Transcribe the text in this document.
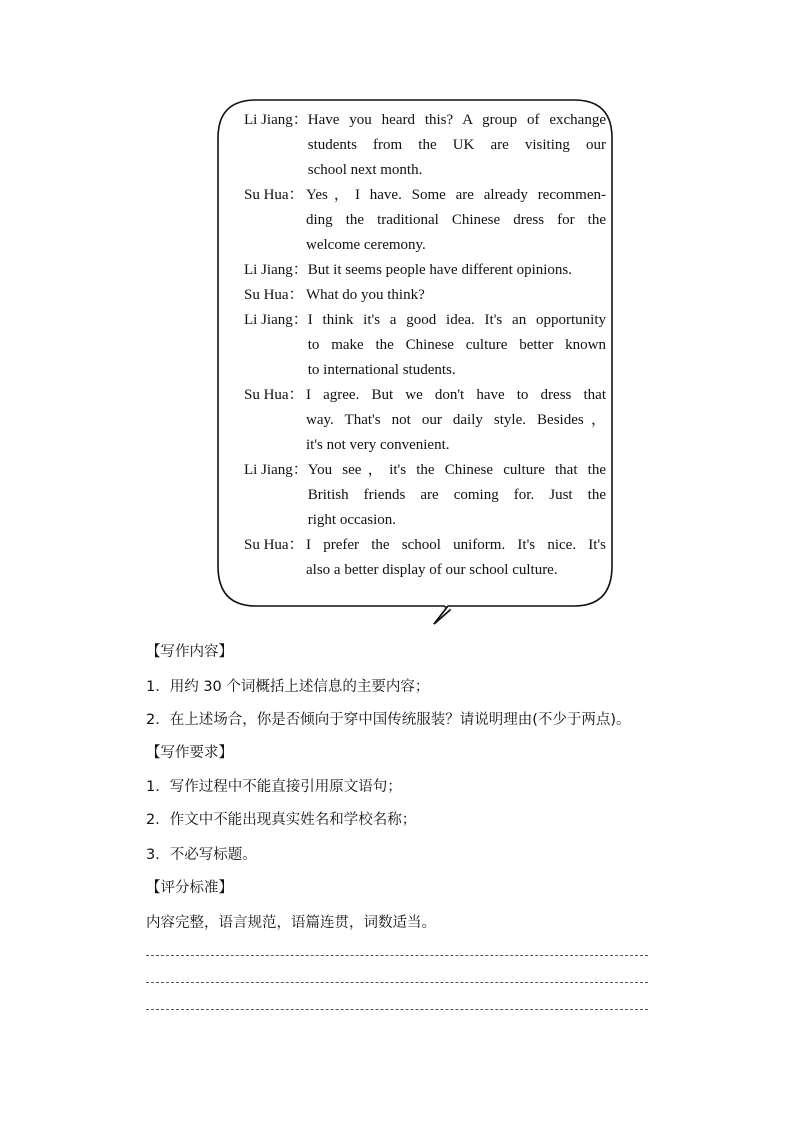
Li Jiang： Have you heard this? A group of exchange
students from the UK are visiting our
school next month.
Su Hua： Yes，I have. Some are already recommen-
ding the traditional Chinese dress for the
welcome ceremony.
Li Jiang： But it seems people have different opinions.
Su Hua： What do you think?
Li Jiang： I think it's a good idea. It's an opportunity
to make the Chinese culture better known
to international students.
Su Hua： I agree. But we don't have to dress that
way. That's not our daily style. Besides，
it's not very convenient.
Li Jiang： You see，it's the Chinese culture that the
British friends are coming for. Just the
right occasion.
Su Hua： I prefer the school uniform. It's nice. It's
also a better display of our school culture.
【写作内容】
1．用约 30 个词概括上述信息的主要内容；
2．在上述场合，你是否倾向于穿中国传统服装？请说明理由(不少于两点)。
【写作要求】
1．写作过程中不能直接引用原文语句；
2．作文中不能出现真实姓名和学校名称；
3．不必写标题。
【评分标准】
内容完整，语言规范，语篇连贯，词数适当。
